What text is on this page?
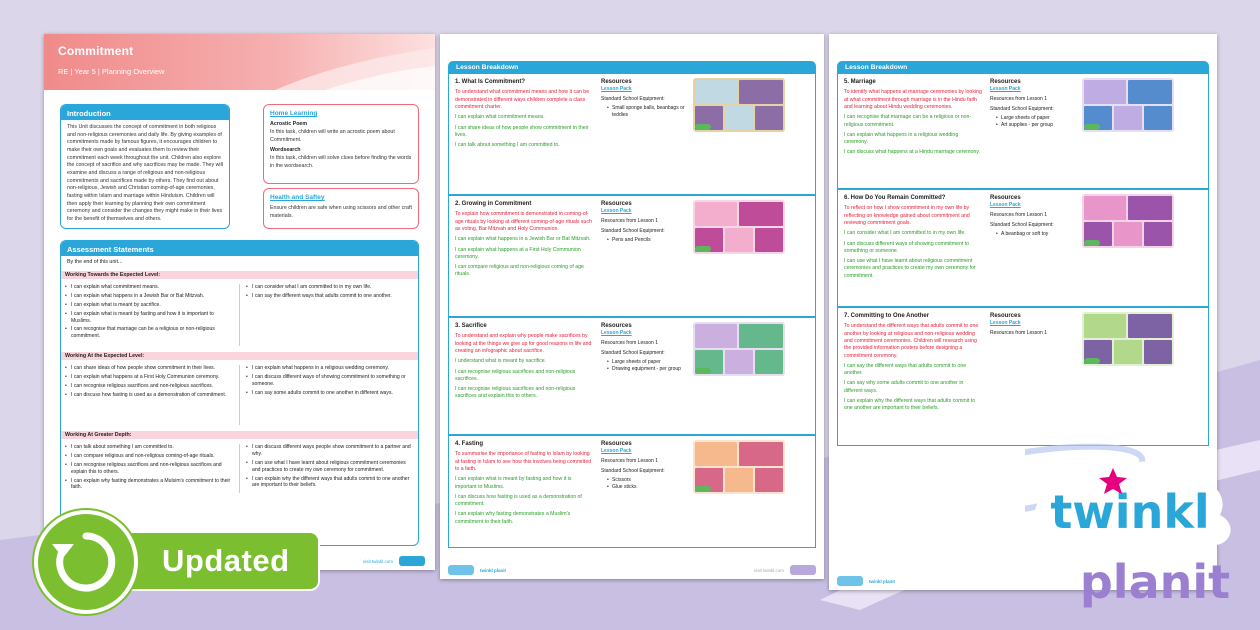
Commitment
RE | Year 5 | Planning Overview
Introduction
This Unit discusses the concept of commitment in both religious and non-religious ceremonies and daily life. By giving examples of commitments made by famous figures, it encourages children to make their own goals and evaluates them to review their commitment each week throughout the unit. Children also explore the concept of sacrifice and why sacrifices may be made. They will examine and discuss a range of religious and non-religious commitments and sacrifices made by others. They find out about non-religious, Jewish and Christian coming-of-age ceremonies, fasting within Islam and marriage within Hinduism. Children will then apply their learning by planning their own commitment ceremony and consider the changes they might make in their lives for the benefit of themselves and others.
Home Learning
Acrostic Poem
In this task, children will write an acrostic poem about Commitment.
Wordsearch
In this task, children will solve clues before finding the words in the wordsearch.
Health and Saftey
Ensure children are safe when using scissors and other craft materials.
Assessment Statements
By the end of this unit...
Working Towards the Expected Level:
• I can explain what commitment means.
• I can explain what happens in a Jewish Bar or Bat Mitzvah.
• I can explain what is meant by sacrifice.
• I can explain what is meant by fasting and how it is important to Muslims.
• I can recognise that marriage can be a religious or non-religious commitment.
• I can consider what I am committed to in my own life.
• I can say the different ways that adults commit to one another.
Working At the Expected Level:
• I can share ideas of how people show commitment in their lives.
• I can explain what happens at a First Holy Communion ceremony.
• I can recognise religious sacrifices and non-religious sacrifices.
• I can discuss how fasting is used as a demonstration of commitment.
• I can explain what happens in a religious wedding ceremony.
• I can discuss different ways of showing commitment to something or someone.
• I can say some adults commit to one another in different ways.
Working At Greater Depth:
• I can talk about something I am committed to.
• I can compare religious and non-religious coming-of-age rituals.
• I can recognise religious sacrifices and non-religious sacrifices and explain this to others.
• I can explain why fasting demonstrates a Mulsim's commitment to their faith.
• I can discuss different ways people show commitment to a partner and why.
• I can use what I have learnt about religious commitment ceremonies and practices to create my own ceremony for commitment.
• I can explain why the different ways that adults commit to one another are important to their beliefs.
visit twinkl.com
Lesson Breakdown
1. What Is Commitment?
To understand what commitment means and how it can be demonstrated in different ways children complete a class commitment charter.
I can explain what commitment means.
I can share ideas of how people show commitment in their lives.
I can talk about something I am committed to.
Resources
Lesson Pack
Standard School Equipment:
• Small sponge balls, beanbags or teddies
2. Growing in Commitment
To explain how commitment is demonstrated in coming-of-age rituals by looking at different coming-of-age rituals such as voting, Bar Mitzvah and Holy Communion.
I can explain what happens in a Jewish Bar or Bat Mitzvah.
I can explain what happens at a First Holy Communion ceremony.
I can compare religious and non-religious coming of age rituals.
Resources
Lesson Pack
Resources from Lesson 1
Standard School Equipment:
• Pens and Pencils
3. Sacrifice
To understand and explain why people make sacrifices by looking at the things we give up for good reasons in life and creating an infographic about sacrifice.
I understand what is meant by sacrifice.
I can recognise religious sacrifices and non-religious sacrifices.
I can recognise religious sacrifices and non-religious sacrifices and explain this to others.
Resources
Lesson Pack
Resources from Lesson 1
Standard School Equipment:
• Large sheets of paper
• Drawing equipment - per group
4. Fasting
To summarise the importance of fasting in Islam by looking at fasting in Islam to see how this involves being committed to a faith.
I can explain what is meant by fasting and how it is important to Muslims.
I can discuss how fasting is used as a demonstration of commitment.
I can explain why fasting demonstrates a Muslim's commitment to their faith.
Resources
Lesson Pack
Resources from Lesson 1
Standard School Equipment:
• Scissors
• Glue sticks
twinkl planit	visit twinkl.com
Lesson Breakdown
5. Marriage
To identify what happens at marriage ceremonies by looking at what commitment through marriage is in the Hindu faith and learning about Hindu wedding ceremonies.
I can recognise that marriage can be a religious or non-religious commitment.
I can explain what happens in a religious wedding ceremony.
I can discuss what happens at a Hindu marriage ceremony.
Resources
Lesson Pack
Resources from Lesson 1
Standard School Equipment:
• Large sheets of paper
• Art supplies - per group
6. How Do You Remain Committed?
To reflect on how I show commitment in my own life by reflecting on knowledge gained about commitment and reviewing commitment goals.
I can consider what I am committed to in my own life.
I can discuss different ways of showing commitment to something or someone.
I can use what I have learnt about religious commitment ceremonies and practices to create my own ceremony for commitment.
Resources
Lesson Pack
Resources from Lesson 1
Standard School Equipment:
• A beanbag or soft toy
7. Committing to One Another
To understand the different ways that adults commit to one another by looking at religious and non-religious wedding and commitment ceremonies. Children will research using the provided information posters before designing a commitment ceremony.
I can say the different ways that adults commit to one another.
I can say why some adults commit to one another in different ways.
I can explain why the different ways that adults commit to one another are important to their beliefs.
Resources
Lesson Pack
Resources from Lesson 1
twinkl planit
Updated
twinkl
planit
